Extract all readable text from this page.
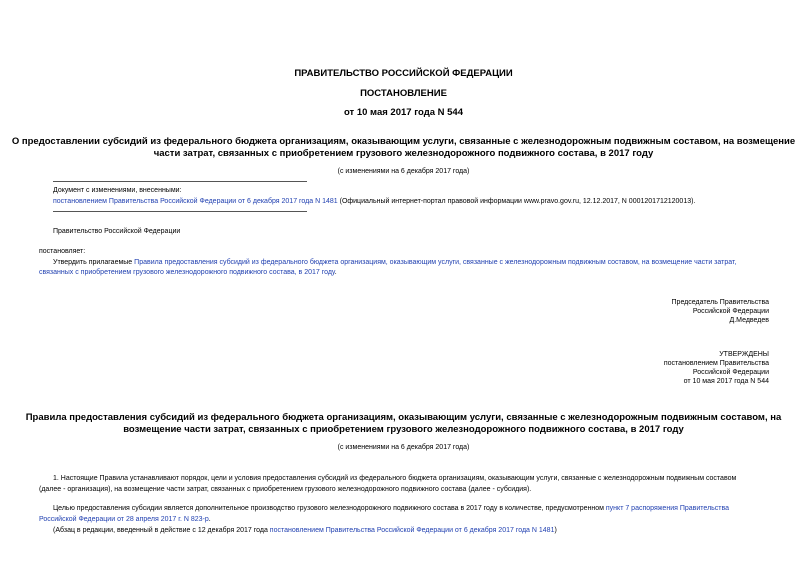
ПРАВИТЕЛЬСТВО РОССИЙСКОЙ ФЕДЕРАЦИИ
ПОСТАНОВЛЕНИЕ
от 10 мая 2017 года N 544
О предоставлении субсидий из федерального бюджета организациям, оказывающим услуги, связанные с железнодорожным подвижным составом, на возмещение
части затрат, связанных с приобретением грузового железнодорожного подвижного состава, в 2017 году
(с изменениями на 6 декабря 2017 года)
Документ с изменениями, внесенными:
постановлением Правительства Российской Федерации от 6 декабря 2017 года N 1481 (Официальный интернет-портал правовой информации www.pravo.gov.ru, 12.12.2017, N 0001201712120013).
Правительство Российской Федерации
постановляет:
Утвердить прилагаемые Правила предоставления субсидий из федерального бюджета организациям, оказывающим услуги, связанные с железнодорожным подвижным составом, на возмещение части затрат,
связанных с приобретением грузового железнодорожного подвижного состава, в 2017 году.
Председатель Правительства
Российской Федерации
Д.Медведев
УТВЕРЖДЕНЫ
постановлением Правительства
Российской Федерации
от 10 мая 2017 года N 544
Правила предоставления субсидий из федерального бюджета организациям, оказывающим услуги, связанные с железнодорожным подвижным составом, на
возмещение части затрат, связанных с приобретением грузового железнодорожного подвижного состава, в 2017 году
(с изменениями на 6 декабря 2017 года)
1. Настоящие Правила устанавливают порядок, цели и условия предоставления субсидий из федерального бюджета организациям, оказывающим услуги, связанные с железнодорожным подвижным составом
(далее - организация), на возмещение части затрат, связанных с приобретением грузового железнодорожного подвижного состава (далее - субсидия).
Целью предоставления субсидии является дополнительное производство грузового железнодорожного подвижного состава в 2017 году в количестве, предусмотренном пункт 7 распоряжения Правительства
Российской Федерации от 28 апреля 2017 г. N 823-р.
(Абзац в редакции, введенный в действие с 12 декабря 2017 года постановлением Правительства Российской Федерации от 6 декабря 2017 года N 1481)
